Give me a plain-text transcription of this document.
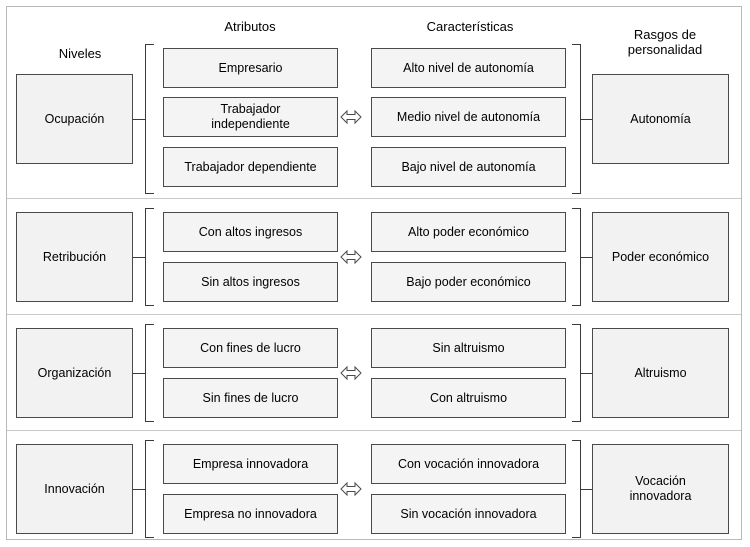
Niveles
Atributos	Características
Rasgos de
personalidad
Ocupación
Empresario
Trabajador
independiente
Trabajador dependiente
Alto nivel de autonomía
Medio nivel de autonomía
Bajo nivel de autonomía
Autonomía
Retribución
Con altos ingresos
Sin altos ingresos
Alto poder económico
Bajo poder económico
Poder económico
Organización
Con fines de lucro
Sin fines de lucro
Sin altruismo
Con altruismo
Altruismo
Innovación
Empresa innovadora
Empresa no innovadora
Con vocación innovadora
Sin vocación innovadora
Vocación
innovadora
